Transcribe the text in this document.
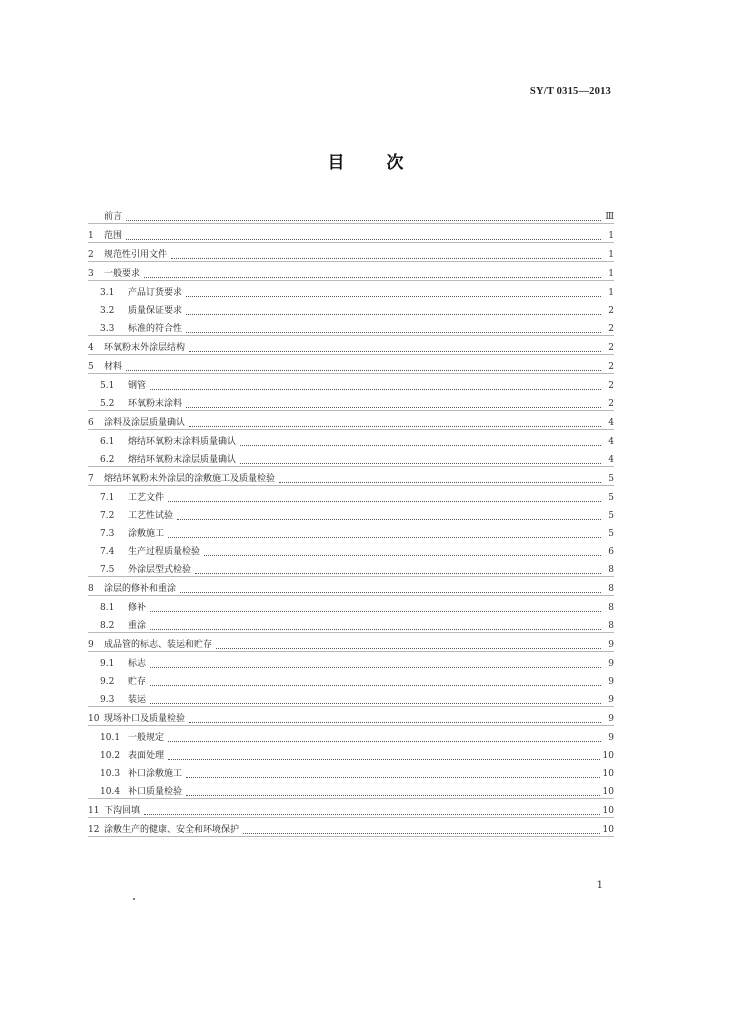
SY/T 0315—2013
目 次
前言	Ⅲ
1	范围	1
2	规范性引用文件	1
3	一般要求	1
3.1	产品订货要求	1
3.2	质量保证要求	2
3.3	标准的符合性	2
4	环氧粉末外涂层结构	2
5	材料	2
5.1	钢管	2
5.2	环氧粉末涂料	2
6	涂料及涂层质量确认	4
6.1	熔结环氧粉末涂料质量确认	4
6.2	熔结环氧粉末涂层质量确认	4
7	熔结环氧粉末外涂层的涂敷施工及质量检验	5
7.1	工艺文件	5
7.2	工艺性试验	5
7.3	涂敷施工	5
7.4	生产过程质量检验	6
7.5	外涂层型式检验	8
8	涂层的修补和重涂	8
8.1	修补	8
8.2	重涂	8
9	成品管的标志、装运和贮存	9
9.1	标志	9
9.2	贮存	9
9.3	装运	9
10 现场补口及质量检验	9
10.1 一般规定	9
10.2 表面处理	10
10.3 补口涂敷施工	10
10.4 补口质量检验	10
11 下沟回填	10
12 涂敷生产的健康、安全和环境保护	10
1
